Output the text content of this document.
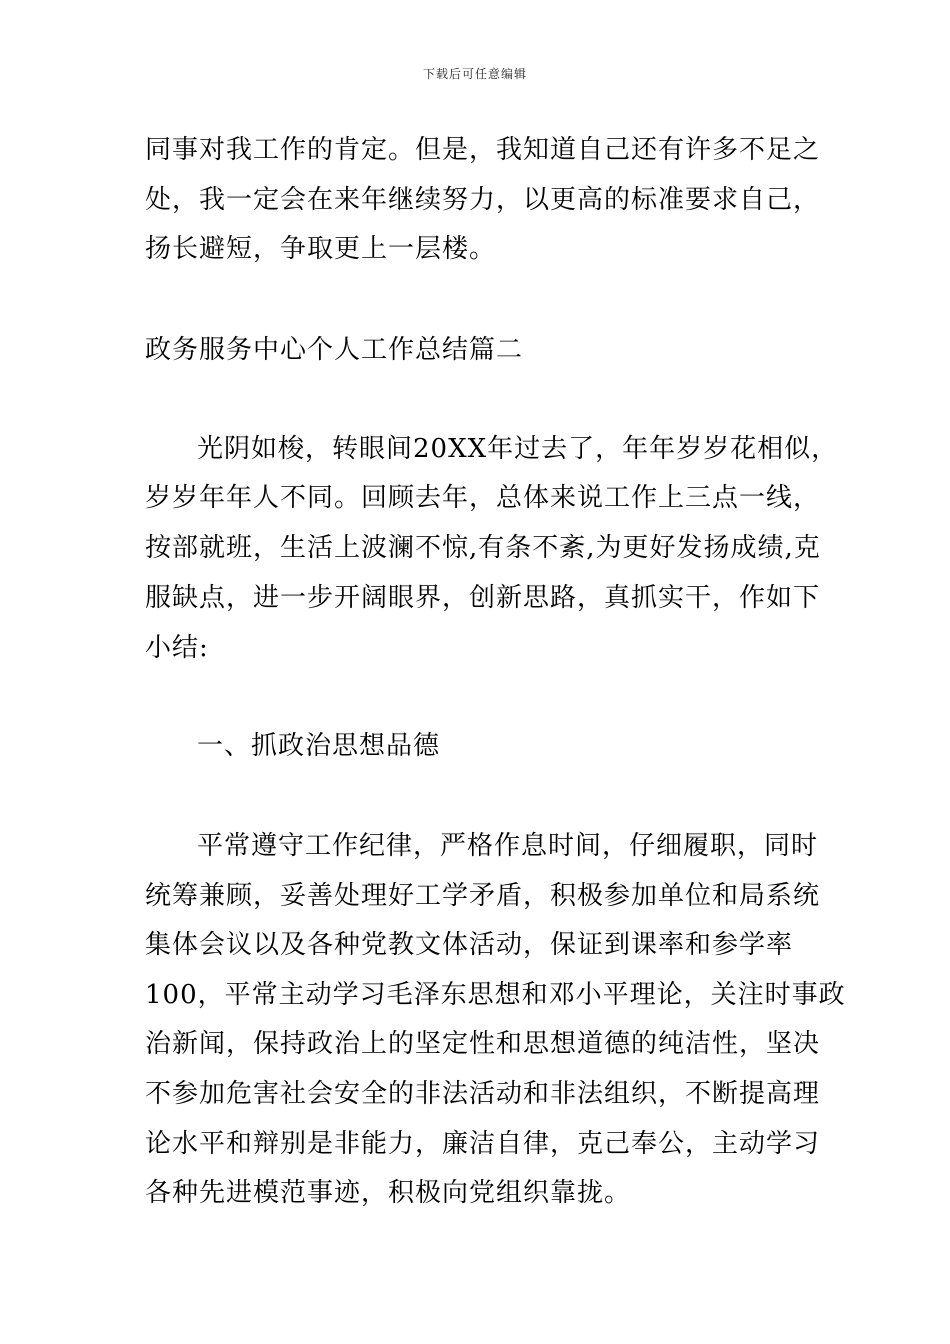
下载后可任意编辑
同事对我工作的肯定。但是，我知道自己还有许多不足之
处，我一定会在来年继续努力，以更高的标准要求自己，
扬长避短，争取更上一层楼。
政务服务中心个人工作总结篇二
光阴如梭，转眼间20XX年过去了，年年岁岁花相似，
岁岁年年人不同。回顾去年，总体来说工作上三点一线，
按部就班，生活上波澜不惊,有条不紊,为更好发扬成绩,克
服缺点，进一步开阔眼界，创新思路，真抓实干，作如下
小结:
一、抓政治思想品德
平常遵守工作纪律，严格作息时间，仔细履职，同时
统筹兼顾，妥善处理好工学矛盾，积极参加单位和局系统
集体会议以及各种党教文体活动，保证到课率和参学率
100，平常主动学习毛泽东思想和邓小平理论，关注时事政
治新闻，保持政治上的坚定性和思想道德的纯洁性，坚决
不参加危害社会安全的非法活动和非法组织，不断提高理
论水平和辩别是非能力，廉洁自律，克己奉公，主动学习
各种先进模范事迹，积极向党组织靠拢。
